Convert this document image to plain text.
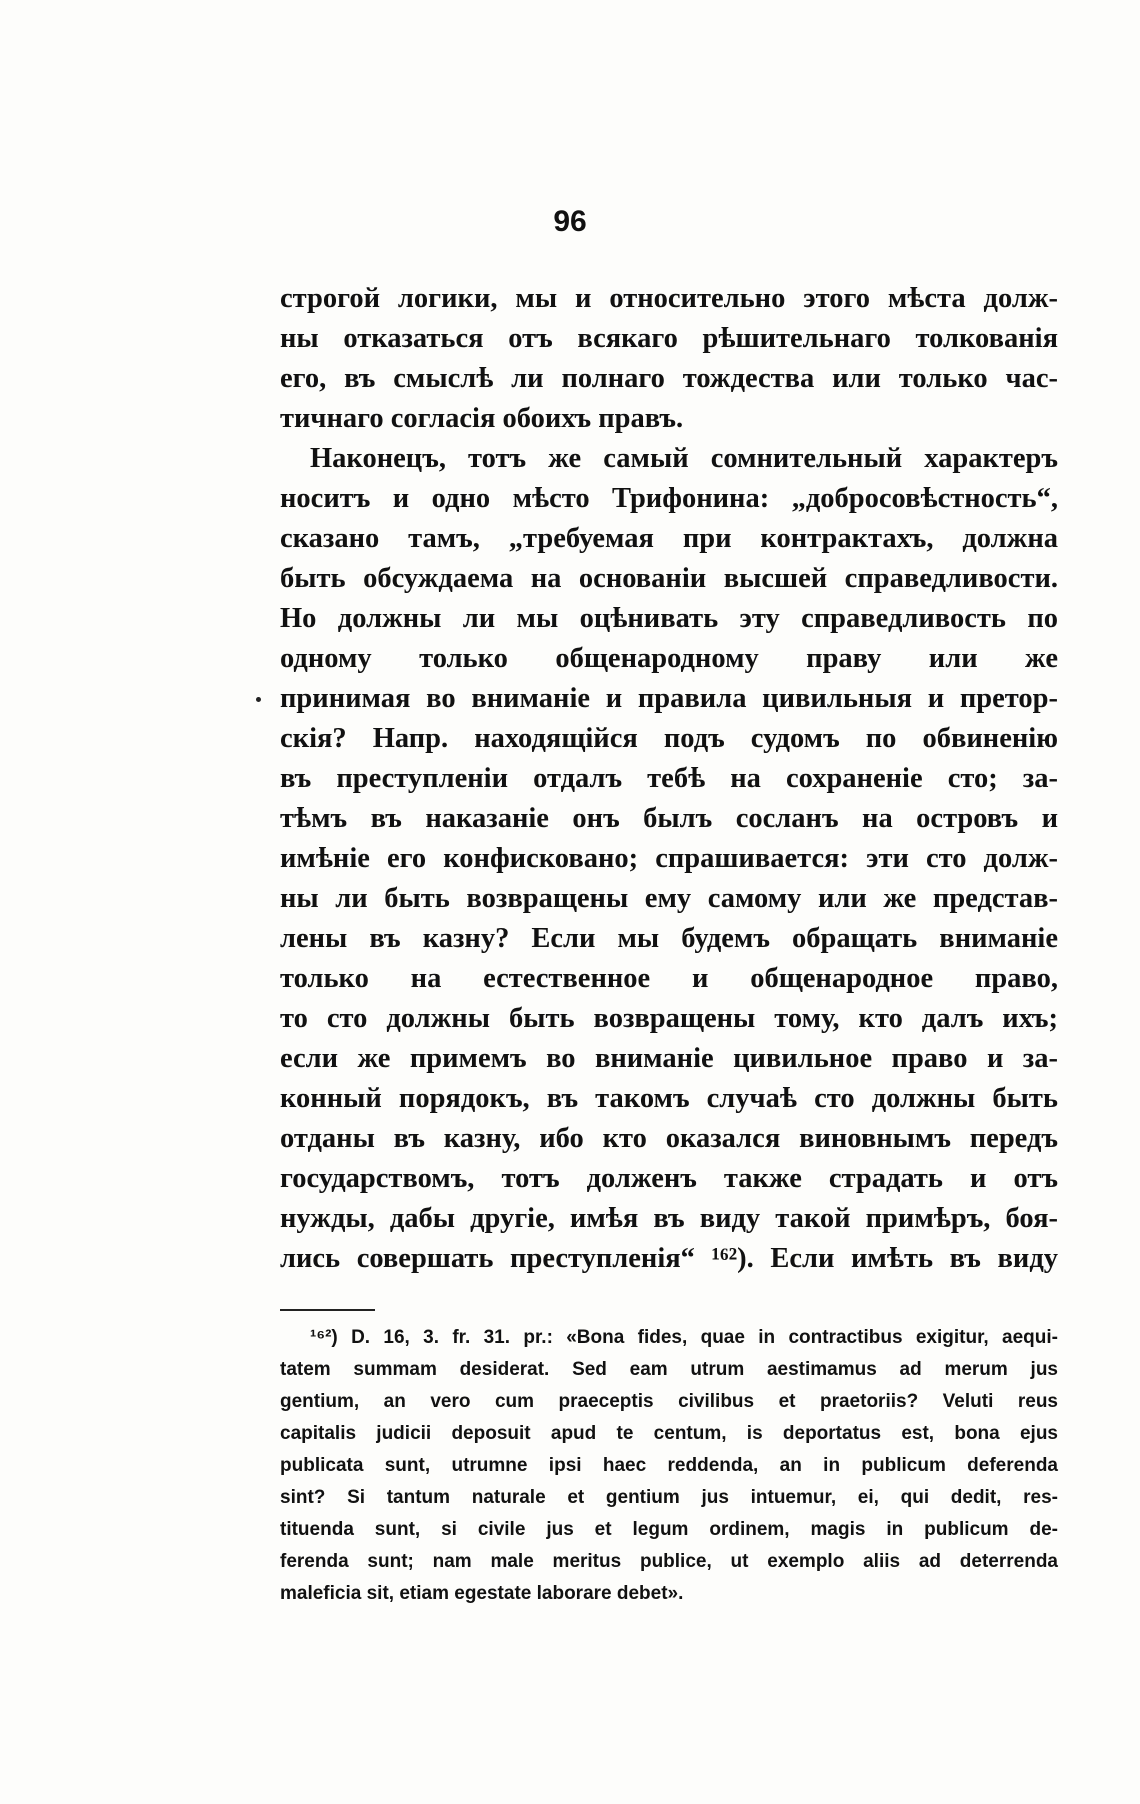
96
строгой логики, мы и относительно этого мѣста долж-
ны отказаться отъ всякаго рѣшительнаго толкованія
его, въ смыслѣ ли полнаго тождества или только час-
тичнаго согласія обоихъ правъ.
Наконецъ, тотъ же самый сомнительный характеръ
носитъ и одно мѣсто Трифонина: „добросовѣстность“,
сказано тамъ, „требуемая при контрактахъ, должна
быть обсуждаема на основаніи высшей справедливости.
Но должны ли мы оцѣнивать эту справедливость по
одному только общенародному праву или же
принимая во вниманіе и правила цивильныя и претор-
скія? Напр. находящійся подъ судомъ по обвиненію
въ преступленіи отдалъ тебѣ на сохраненіе сто; за-
тѣмъ въ наказаніе онъ былъ сосланъ на островъ и
имѣніе его конфисковано; спрашивается: эти сто долж-
ны ли быть возвращены ему самому или же представ-
лены въ казну? Если мы будемъ обращать вниманіе
только на естественное и общенародное право,
то сто должны быть возвращены тому, кто далъ ихъ;
если же примемъ во вниманіе цивильное право и за-
конный порядокъ, въ такомъ случаѣ сто должны быть
отданы въ казну, ибо кто оказался виновнымъ передъ
государствомъ, тотъ долженъ также страдать и отъ
нужды, дабы другіе, имѣя въ виду такой примѣръ, боя-
лись совершать преступленія“ ¹⁶²). Если имѣть въ виду
¹⁶²) D. 16, 3. fr. 31. pr.: «Bona fides, quae in contractibus exigitur, aequi-
tatem summam desiderat. Sed eam utrum aestimamus ad merum jus
gentium, an vero cum praeceptis civilibus et praetoriis? Veluti reus
capitalis judicii deposuit apud te centum, is deportatus est, bona ejus
publicata sunt, utrumne ipsi haec reddenda, an in publicum deferenda
sint? Si tantum naturale et gentium jus intuemur, ei, qui dedit, res-
tituenda sunt, si civile jus et legum ordinem, magis in publicum de-
ferenda sunt; nam male meritus publice, ut exemplo aliis ad deterrenda
maleficia sit, etiam egestate laborare debet».
